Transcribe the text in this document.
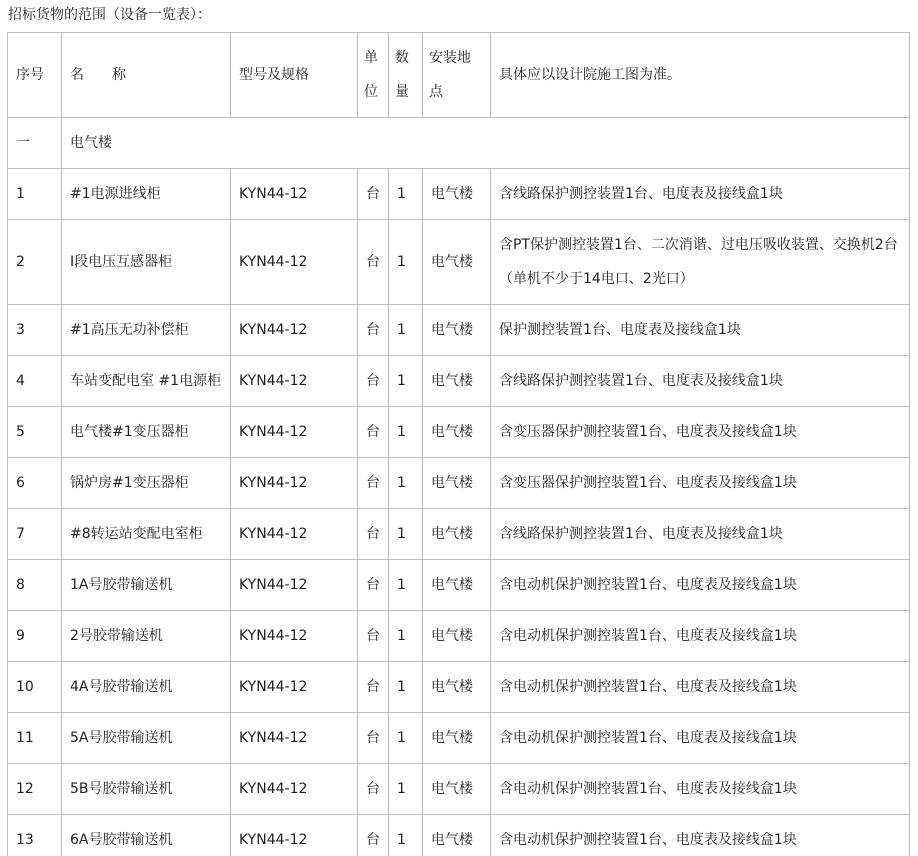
招标货物的范围（设备一览表）：
序号	名 称	型号及规格	单位	数量	安装地点	具体应以设计院施工图为准。
一	电气楼					
1	#1电源进线柜	KYN44-12	台	1	电气楼	含线路保护测控装置1台、电度表及接线盒1块
2	Ⅰ段电压互感器柜	KYN44-12	台	1	电气楼	含PT保护测控装置1台、二次消谐、过电压吸收装置、交换机2台（单机不少于14电口、2光口）
3	#1高压无功补偿柜	KYN44-12	台	1	电气楼	保护测控装置1台、电度表及接线盒1块
4	车站变配电室 #1电源柜	KYN44-12	台	1	电气楼	含线路保护测控装置1台、电度表及接线盒1块
5	电气楼#1变压器柜	KYN44-12	台	1	电气楼	含变压器保护测控装置1台、电度表及接线盒1块
6	锅炉房#1变压器柜	KYN44-12	台	1	电气楼	含变压器保护测控装置1台、电度表及接线盒1块
7	#8转运站变配电室柜	KYN44-12	台	1	电气楼	含线路保护测控装置1台、电度表及接线盒1块
8	1A号胶带输送机	KYN44-12	台	1	电气楼	含电动机保护测控装置1台、电度表及接线盒1块
9	2号胶带输送机	KYN44-12	台	1	电气楼	含电动机保护测控装置1台、电度表及接线盒1块
10	4A号胶带输送机	KYN44-12	台	1	电气楼	含电动机保护测控装置1台、电度表及接线盒1块
11	5A号胶带输送机	KYN44-12	台	1	电气楼	含电动机保护测控装置1台、电度表及接线盒1块
12	5B号胶带输送机	KYN44-12	台	1	电气楼	含电动机保护测控装置1台、电度表及接线盒1块
13	6A号胶带输送机	KYN44-12	台	1	电气楼	含电动机保护测控装置1台、电度表及接线盒1块
